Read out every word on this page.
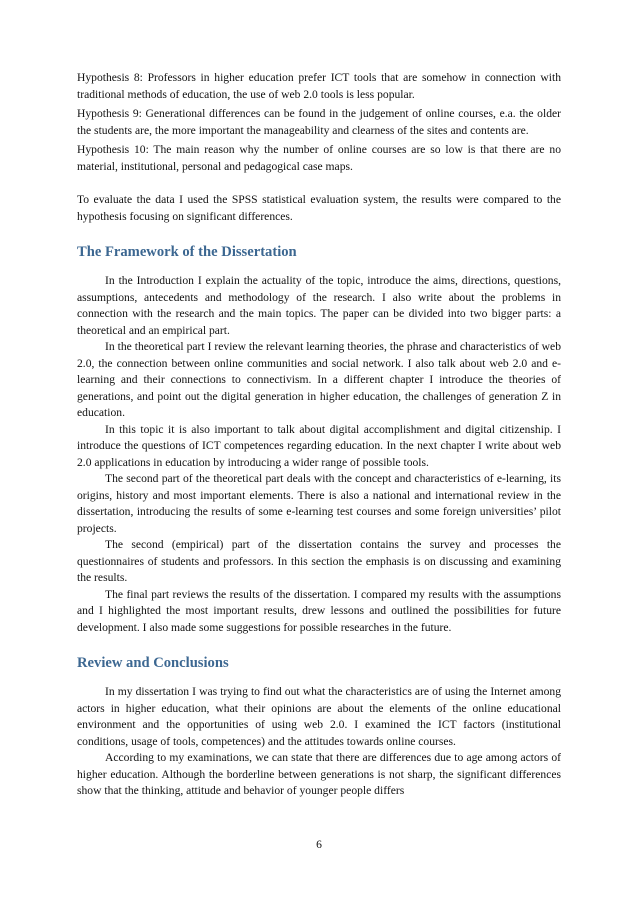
Hypothesis 8: Professors in higher education prefer ICT tools that are somehow in connection with traditional methods of education, the use of web 2.0 tools is less popular.

Hypothesis 9: Generational differences can be found in the judgement of online courses, e.a. the older the students are, the more important the manageability and clearness of the sites and contents are.

Hypothesis 10: The main reason why the number of online courses are so low is that there are no material, institutional, personal and pedagogical case maps.

To evaluate the data I used the SPSS statistical evaluation system, the results were compared to the hypothesis focusing on significant differences.

The Framework of the Dissertation

In the Introduction I explain the actuality of the topic, introduce the aims, directions, questions, assumptions, antecedents and methodology of the research. I also write about the problems in connection with the research and the main topics. The paper can be divided into two bigger parts: a theoretical and an empirical part.

In the theoretical part I review the relevant learning theories, the phrase and characteristics of web 2.0, the connection between online communities and social network. I also talk about web 2.0 and e-learning and their connections to connectivism. In a different chapter I introduce the theories of generations, and point out the digital generation in higher education, the challenges of generation Z in education.

In this topic it is also important to talk about digital accomplishment and digital citizenship. I introduce the questions of ICT competences regarding education. In the next chapter I write about web 2.0 applications in education by introducing a wider range of possible tools.

The second part of the theoretical part deals with the concept and characteristics of e-learning, its origins, history and most important elements. There is also a national and international review in the dissertation, introducing the results of some e-learning test courses and some foreign universities’ pilot projects.

The second (empirical) part of the dissertation contains the survey and processes the questionnaires of students and professors. In this section the emphasis is on discussing and examining the results.

The final part reviews the results of the dissertation. I compared my results with the assumptions and I highlighted the most important results, drew lessons and outlined the possibilities for future development. I also made some suggestions for possible researches in the future.

Review and Conclusions

In my dissertation I was trying to find out what the characteristics are of using the Internet among actors in higher education, what their opinions are about the elements of the online educational environment and the opportunities of using web 2.0. I examined the ICT factors (institutional conditions, usage of tools, competences) and the attitudes towards online courses.

According to my examinations, we can state that there are differences due to age among actors of higher education. Although the borderline between generations is not sharp, the significant differences show that the thinking, attitude and behavior of younger people differs

6
